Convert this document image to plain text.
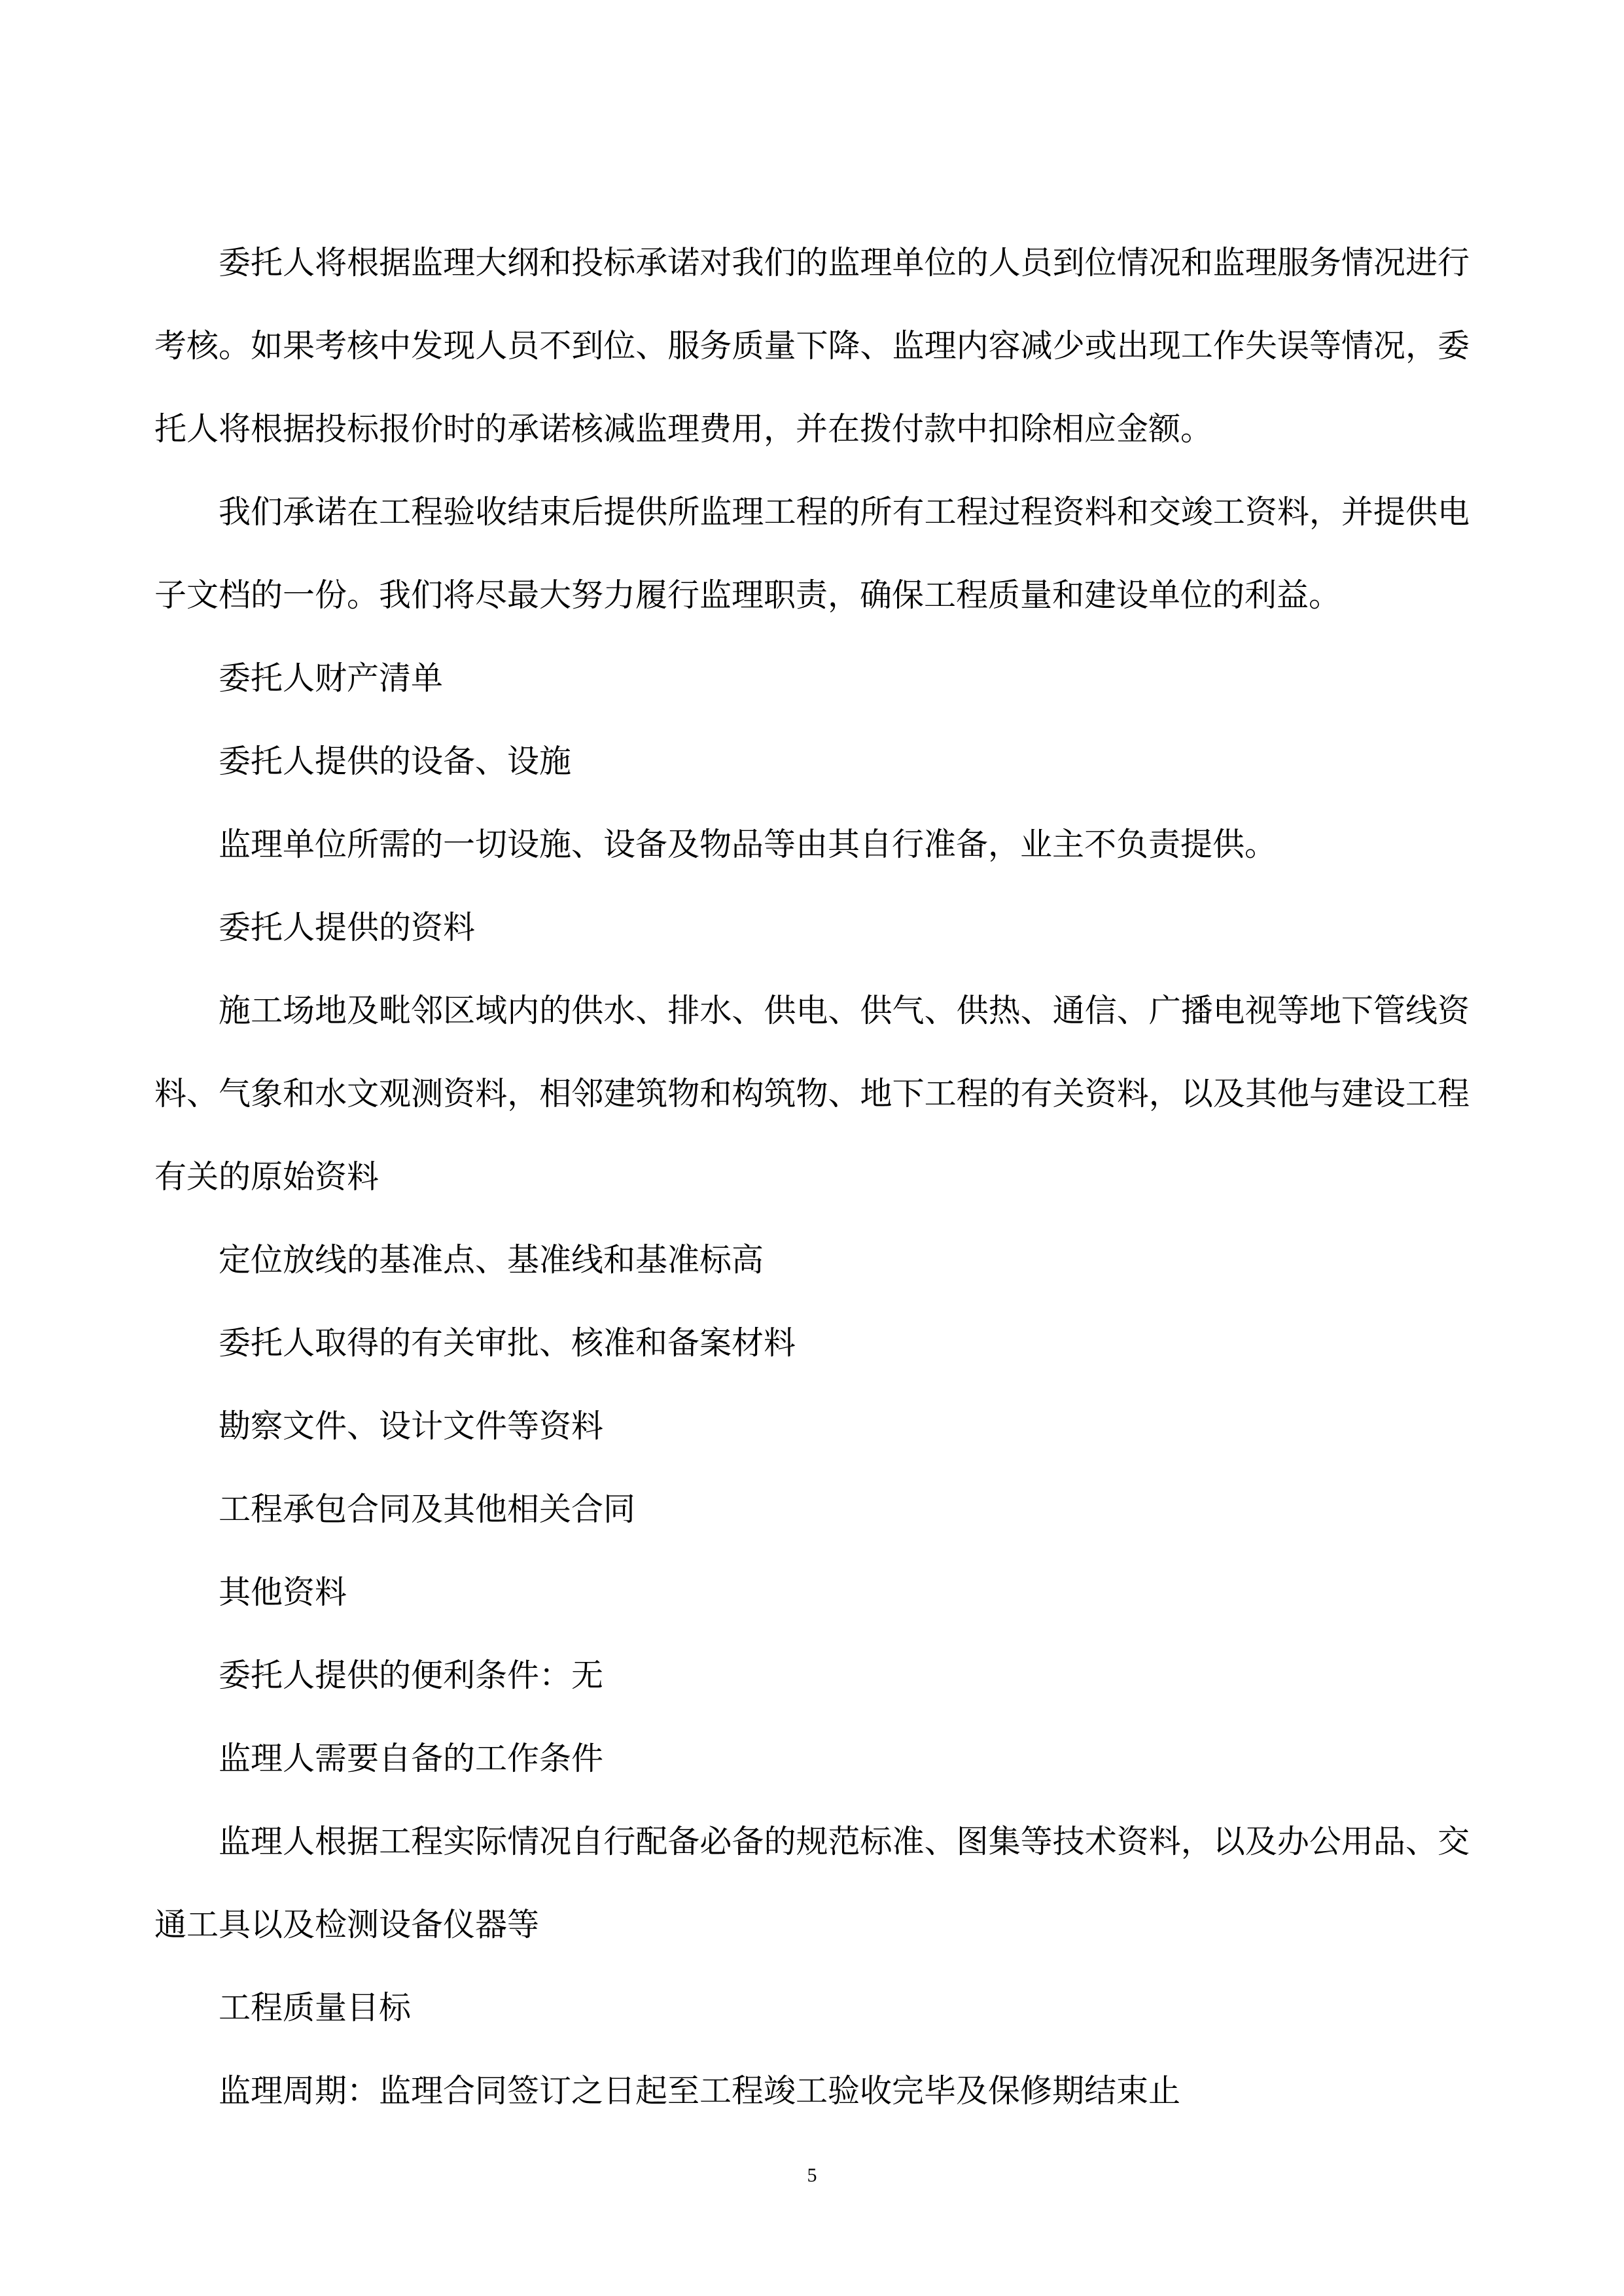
委托人将根据监理大纲和投标承诺对我们的监理单位的人员到位情况和监理服务情况进行考核。如果考核中发现人员不到位、服务质量下降、监理内容减少或出现工作失误等情况，委托人将根据投标报价时的承诺核减监理费用，并在拨付款中扣除相应金额。

我们承诺在工程验收结束后提供所监理工程的所有工程过程资料和交竣工资料，并提供电子文档的一份。我们将尽最大努力履行监理职责，确保工程质量和建设单位的利益。

委托人财产清单

委托人提供的设备、设施

监理单位所需的一切设施、设备及物品等由其自行准备，业主不负责提供。

委托人提供的资料

施工场地及毗邻区域内的供水、排水、供电、供气、供热、通信、广播电视等地下管线资料、气象和水文观测资料，相邻建筑物和构筑物、地下工程的有关资料，以及其他与建设工程有关的原始资料

定位放线的基准点、基准线和基准标高

委托人取得的有关审批、核准和备案材料

勘察文件、设计文件等资料

工程承包合同及其他相关合同

其他资料

委托人提供的便利条件：无

监理人需要自备的工作条件

监理人根据工程实际情况自行配备必备的规范标准、图集等技术资料，以及办公用品、交通工具以及检测设备仪器等

工程质量目标

监理周期：监理合同签订之日起至工程竣工验收完毕及保修期结束止

5
